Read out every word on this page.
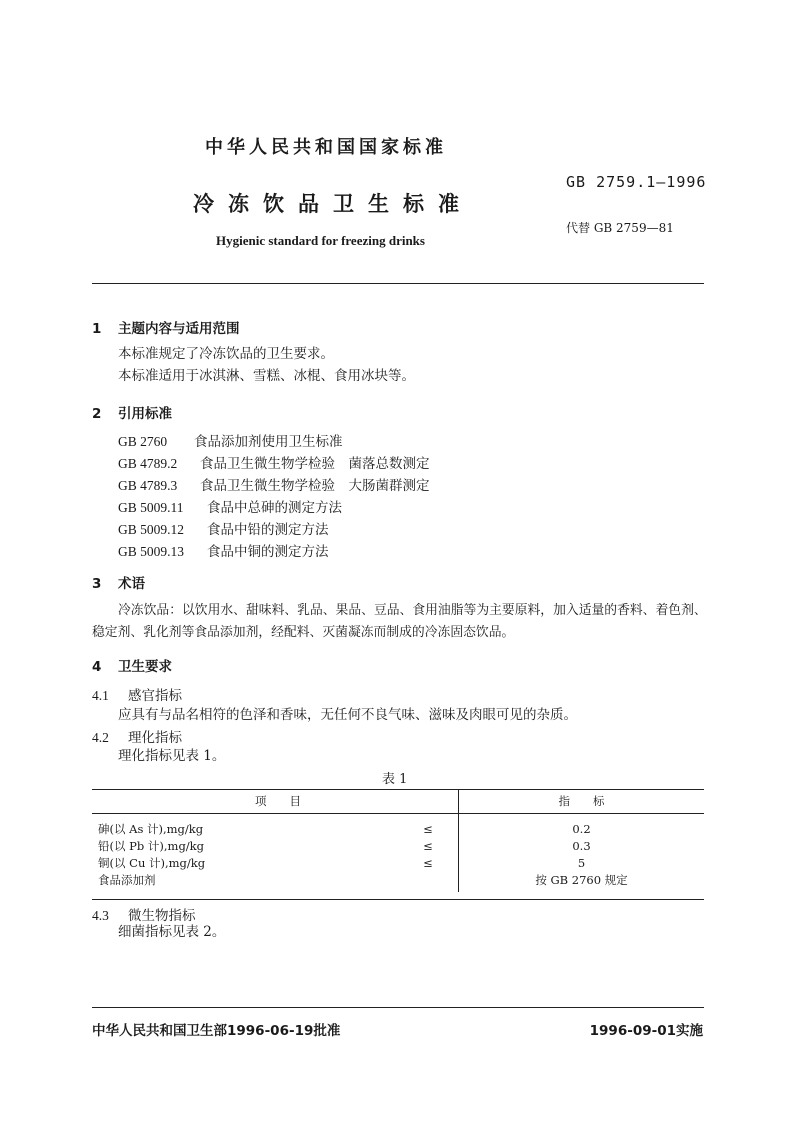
中华人民共和国国家标准
GB 2759.1—1996
冷冻饮品卫生标准
代替 GB 2759—81
Hygienic standard for freezing drinks
1 主题内容与适用范围
本标准规定了冷冻饮品的卫生要求。
本标准适用于冰淇淋、雪糕、冰棍、食用冰块等。
2 引用标准
GB 2760 食品添加剂使用卫生标准
GB 4789.2 食品卫生微生物学检验　菌落总数测定
GB 4789.3 食品卫生微生物学检验　大肠菌群测定
GB 5009.11 食品中总砷的测定方法
GB 5009.12 食品中铅的测定方法
GB 5009.13 食品中铜的测定方法
3 术语
冷冻饮品：以饮用水、甜味料、乳品、果品、豆品、食用油脂等为主要原料，加入适量的香料、着色剂、
稳定剂、乳化剂等食品添加剂，经配料、灭菌凝冻而制成的冷冻固态饮品。
4 卫生要求
4.1 感官指标
应具有与品名相符的色泽和香味，无任何不良气味、滋味及肉眼可见的杂质。
4.2 理化指标
理化指标见表 1。
表 1
项　　目		指　　标
砷(以 As 计),mg/kg	≤	0.2
铅(以 Pb 计),mg/kg	≤	0.3
铜(以 Cu 计),mg/kg	≤	5
食品添加剂		按 GB 2760 规定
4.3 微生物指标
细菌指标见表 2。
中华人民共和国卫生部1996-06-19批准	1996-09-01实施
